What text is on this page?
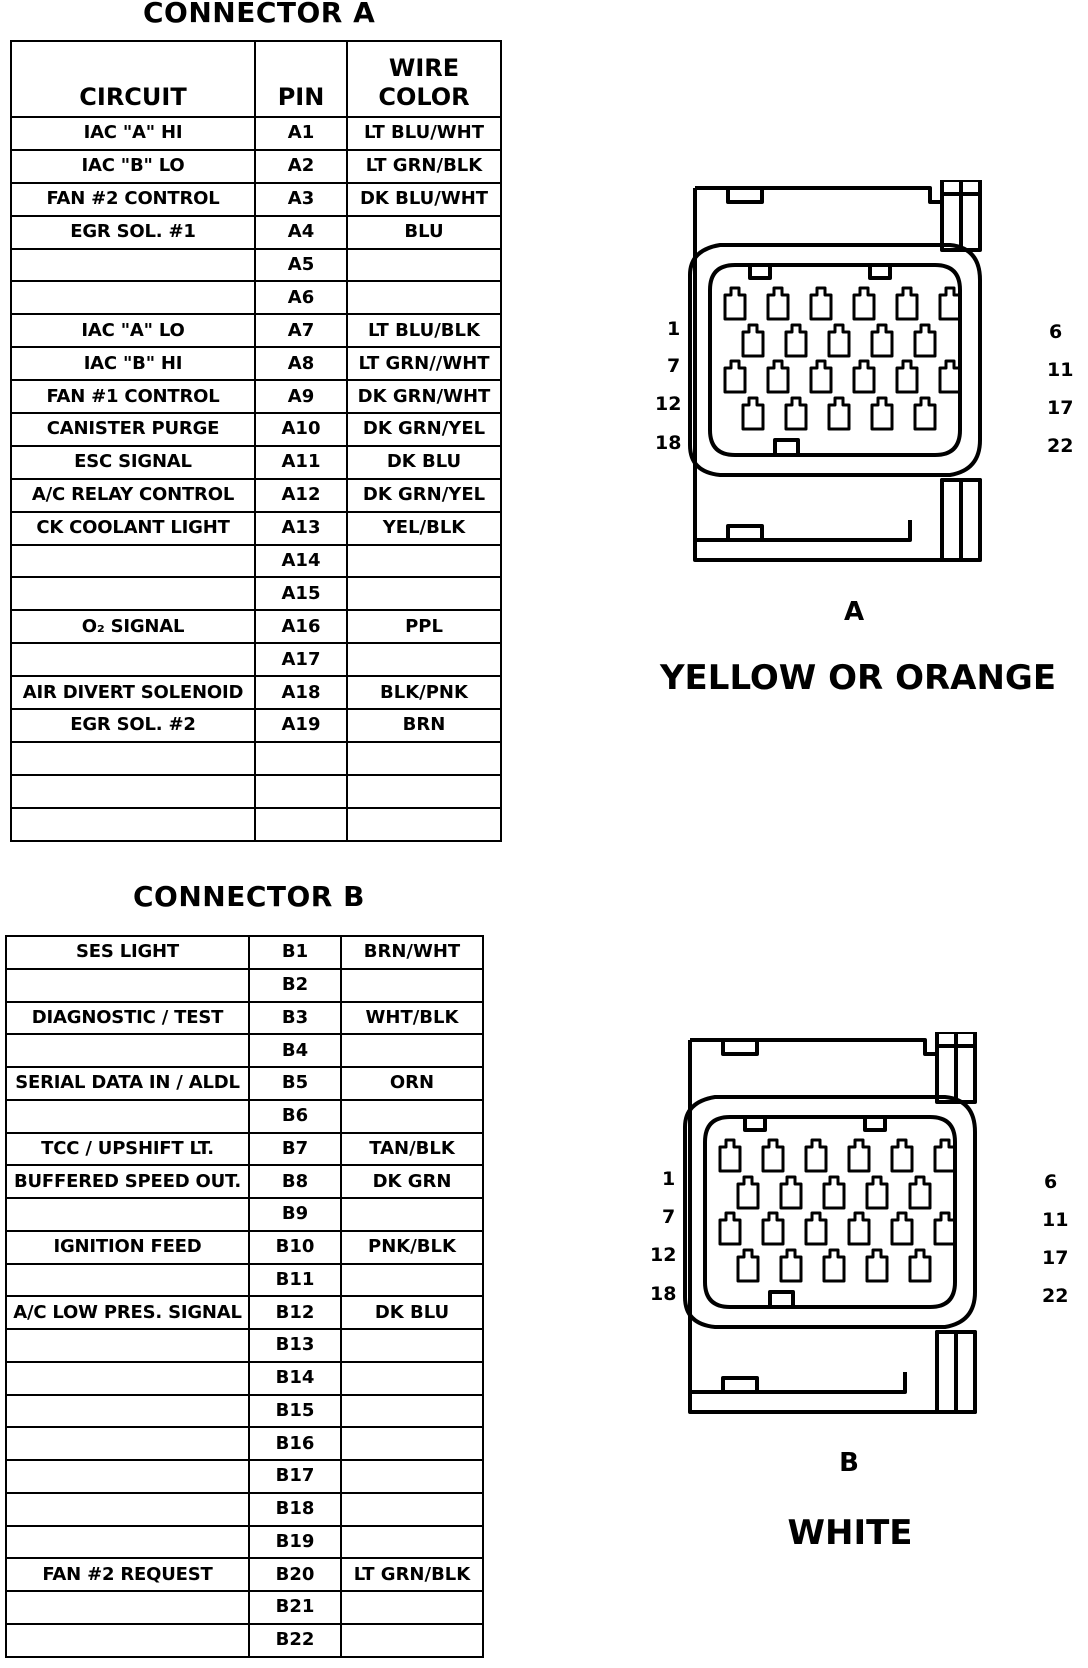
CONNECTOR A
CIRCUIT	PIN	WIRE
COLOR
IAC "A" HI	A1	LT BLU/WHT
IAC "B" LO	A2	LT GRN/BLK
FAN #2 CONTROL	A3	DK BLU/WHT
EGR SOL. #1	A4	BLU
	A5	
	A6	
IAC "A" LO	A7	LT BLU/BLK
IAC "B" HI	A8	LT GRN//WHT
FAN #1 CONTROL	A9	DK GRN/WHT
CANISTER PURGE	A10	DK GRN/YEL
ESC SIGNAL	A11	DK BLU
A/C RELAY CONTROL	A12	DK GRN/YEL
CK COOLANT LIGHT	A13	YEL/BLK
	A14	
	A15	
O₂ SIGNAL	A16	PPL
	A17	
AIR DIVERT SOLENOID	A18	BLK/PNK
EGR SOL. #2	A19	BRN

CONNECTOR B
SES LIGHT	B1	BRN/WHT
	B2	
DIAGNOSTIC / TEST	B3	WHT/BLK
	B4	
SERIAL DATA IN / ALDL	B5	ORN
	B6	
TCC / UPSHIFT LT.	B7	TAN/BLK
BUFFERED SPEED OUT.	B8	DK GRN
	B9	
IGNITION FEED	B10	PNK/BLK
	B11	
A/C LOW PRES. SIGNAL	B12	DK BLU
	B13	
	B14	
	B15	
	B16	
	B17	
	B18	
	B19	
FAN #2 REQUEST	B20	LT GRN/BLK
	B21	
	B22	
1
7
12
18
6
11
17
22
A
YELLOW OR ORANGE
1
7
12
18
6
11
17
22
B
WHITE
